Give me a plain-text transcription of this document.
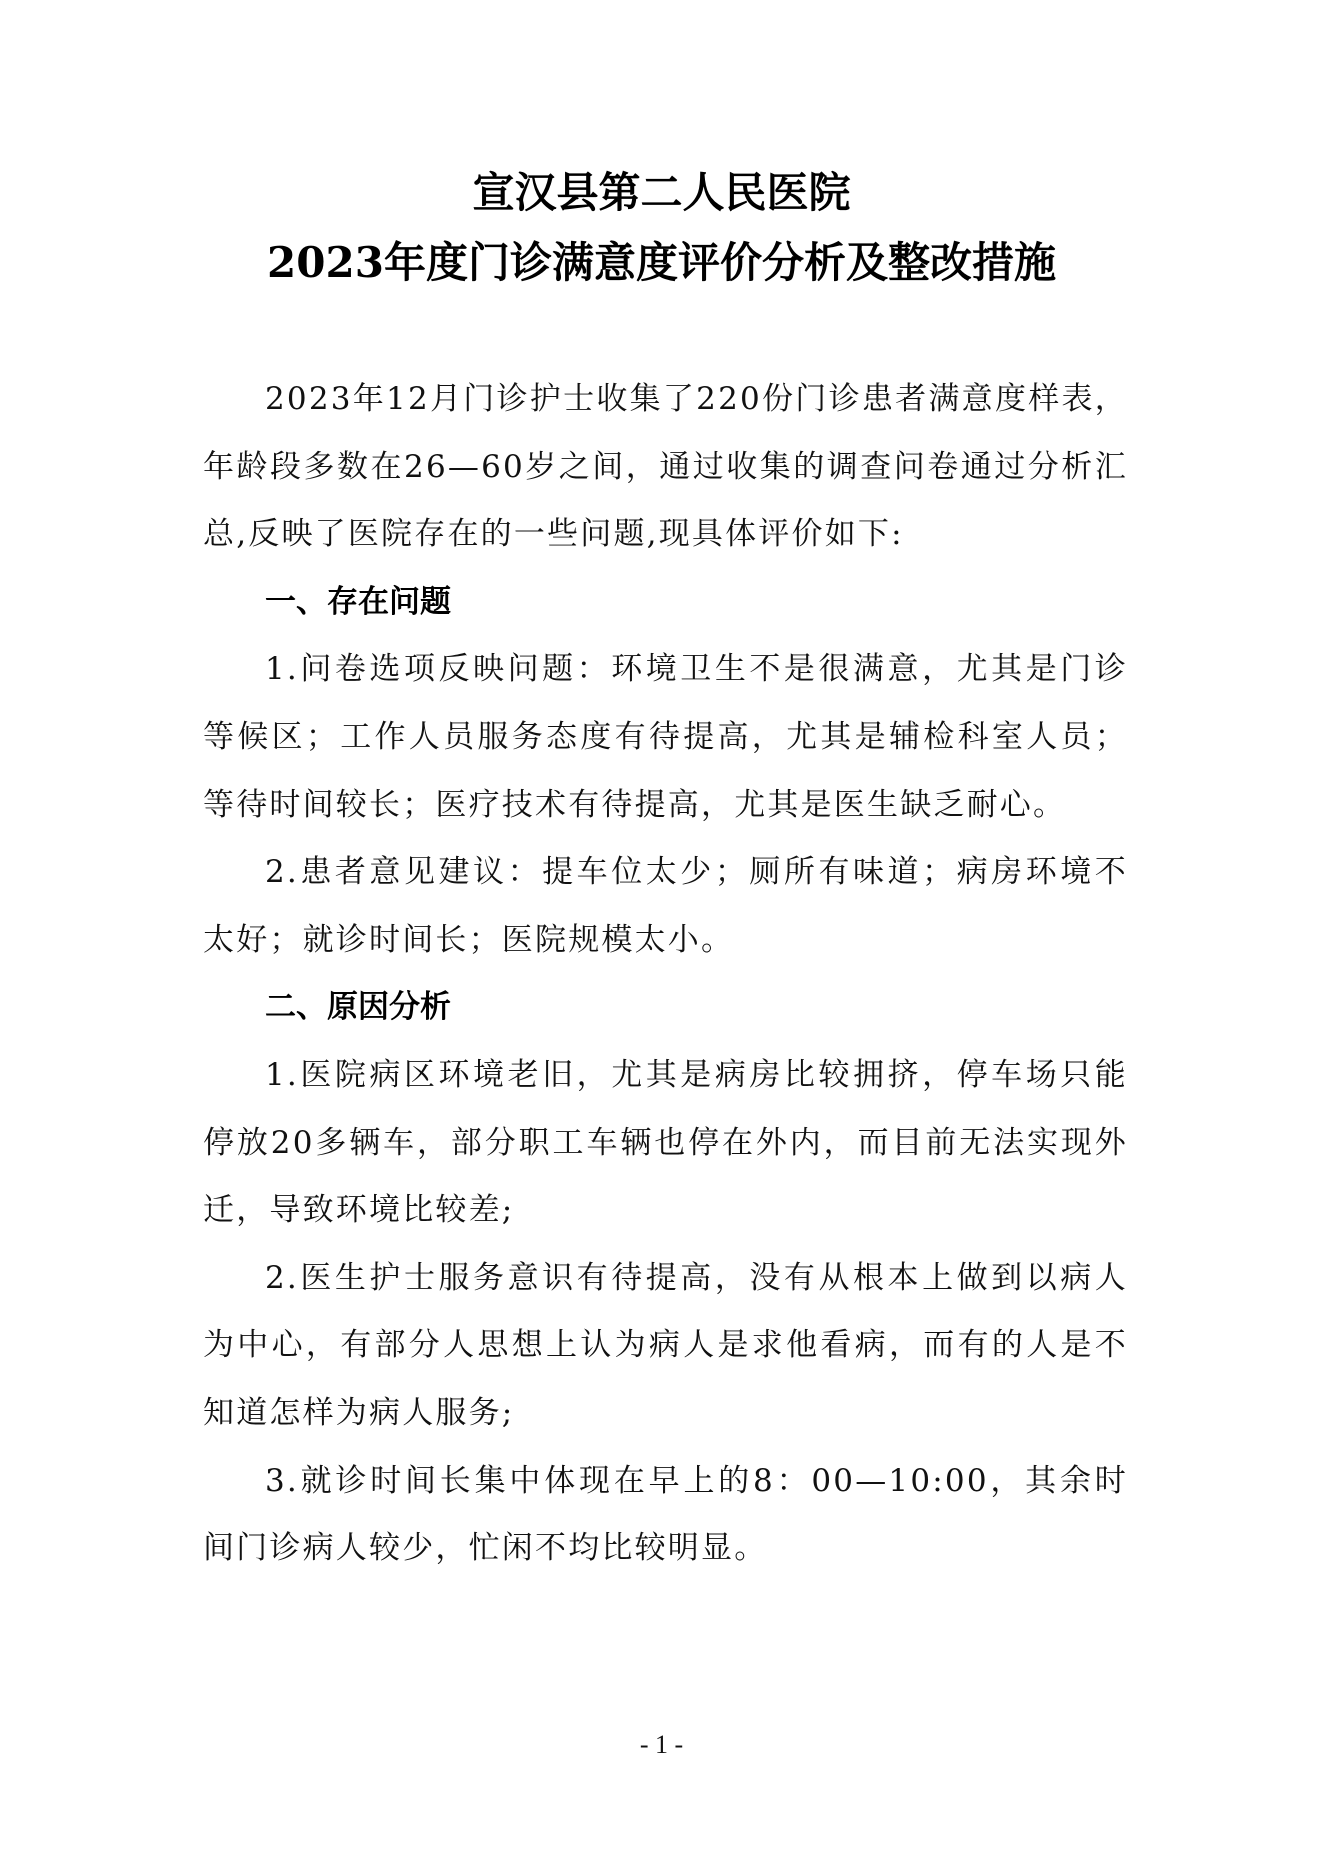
宣汉县第二人民医院
2023年度门诊满意度评价分析及整改措施

2023年12月门诊护士收集了220份门诊患者满意度样表，年龄段多数在26—60岁之间，通过收集的调查问卷通过分析汇总,反映了医院存在的一些问题,现具体评价如下:

一、存在问题

1.问卷选项反映问题：环境卫生不是很满意，尤其是门诊等候区；工作人员服务态度有待提高，尤其是辅检科室人员；等待时间较长；医疗技术有待提高，尤其是医生缺乏耐心。

2.患者意见建议：提车位太少；厕所有味道；病房环境不太好；就诊时间长；医院规模太小。

二、原因分析

1.医院病区环境老旧，尤其是病房比较拥挤，停车场只能停放20多辆车，部分职工车辆也停在外内，而目前无法实现外迁，导致环境比较差;

2.医生护士服务意识有待提高，没有从根本上做到以病人为中心，有部分人思想上认为病人是求他看病，而有的人是不知道怎样为病人服务;

3.就诊时间长集中体现在早上的8：00—10:00，其余时间门诊病人较少，忙闲不均比较明显。

- 1 -
